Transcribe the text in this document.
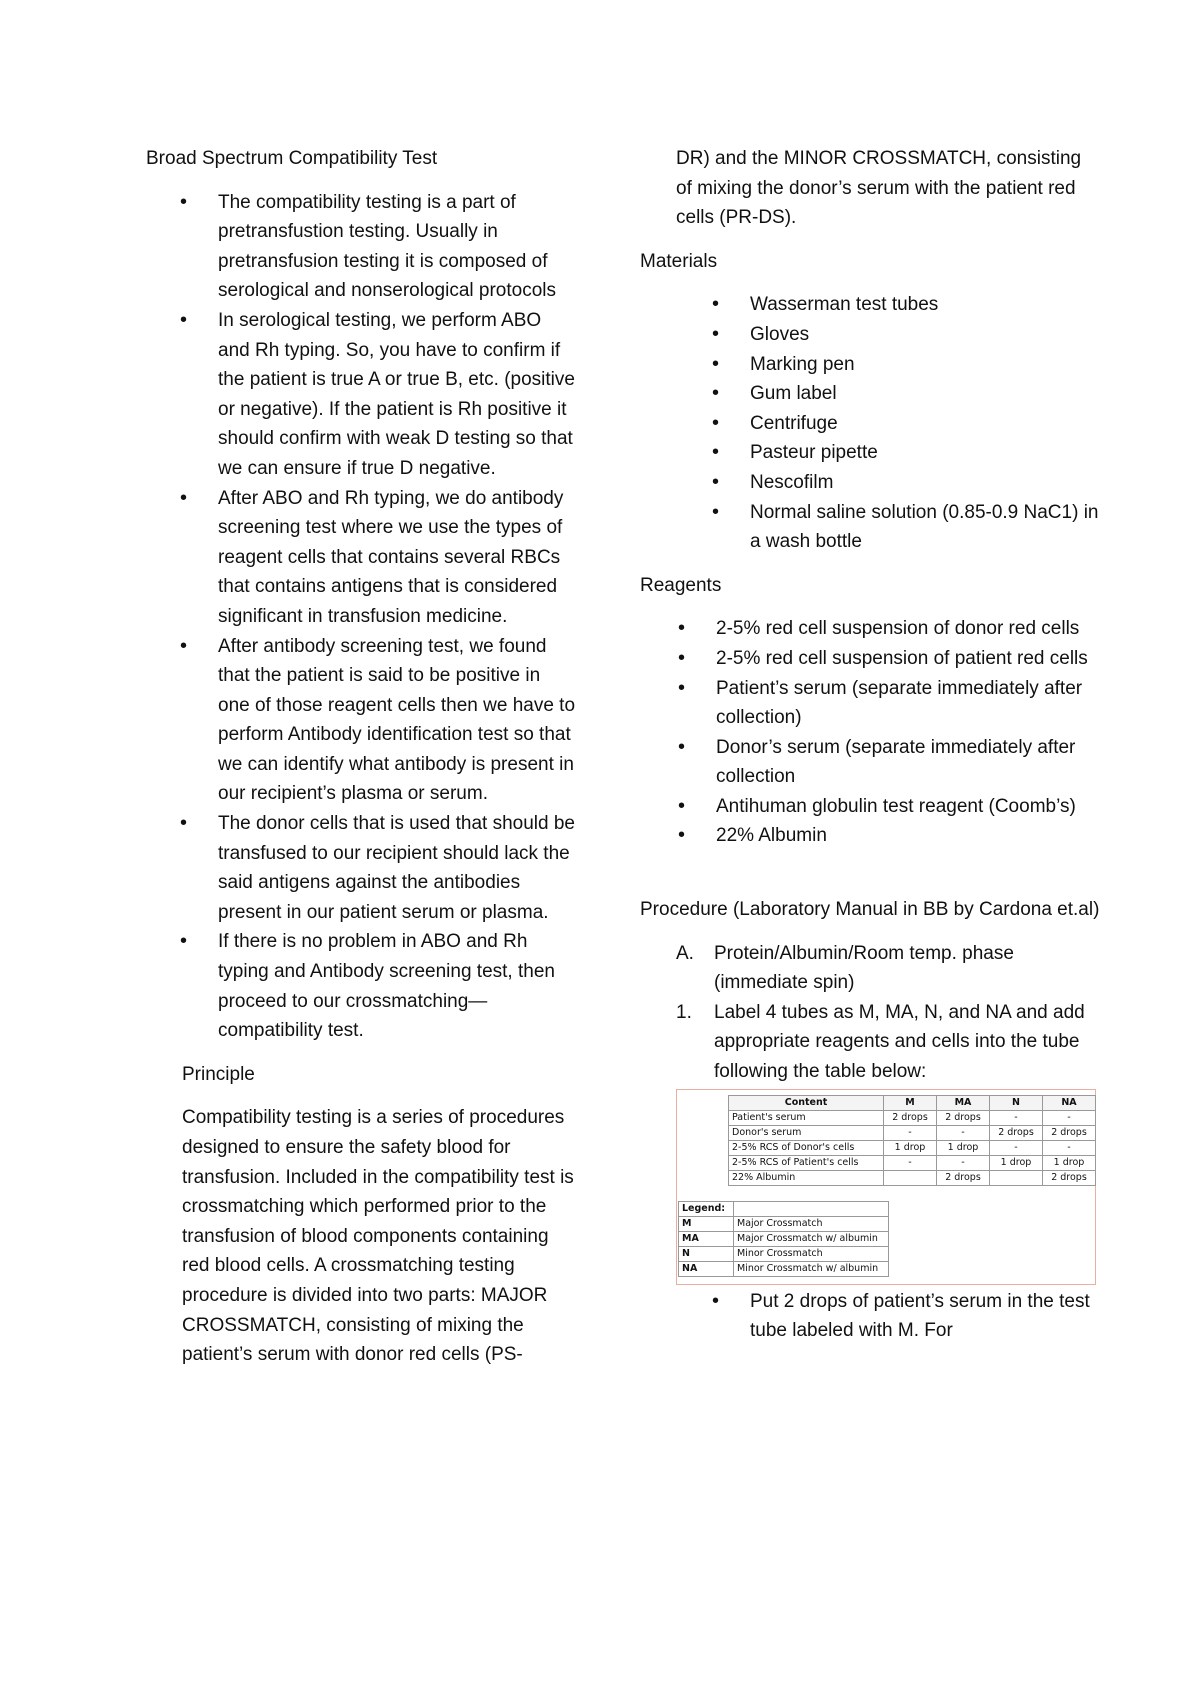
Broad Spectrum Compatibility Test

• The compatibility testing is a part of pretransfustion testing. Usually in pretransfusion testing it is composed of serological and nonserological protocols
• In serological testing, we perform ABO and Rh typing. So, you have to confirm if the patient is true A or true B, etc. (positive or negative). If the patient is Rh positive it should confirm with weak D testing so that we can ensure if true D negative.
• After ABO and Rh typing, we do antibody screening test where we use the types of reagent cells that contains several RBCs that contains antigens that is considered significant in transfusion medicine.
• After antibody screening test, we found that the patient is said to be positive in one of those reagent cells then we have to perform Antibody identification test so that we can identify what antibody is present in our recipient’s plasma or serum.
• The donor cells that is used that should be transfused to our recipient should lack the said antigens against the antibodies present in our patient serum or plasma.
• If there is no problem in ABO and Rh typing and Antibody screening test, then proceed to our crossmatching—compatibility test.

Principle

Compatibility testing is a series of procedures designed to ensure the safety blood for transfusion. Included in the compatibility test is crossmatching which performed prior to the transfusion of blood components containing red blood cells. A crossmatching testing procedure is divided into two parts: MAJOR CROSSMATCH, consisting of mixing the patient’s serum with donor red cells (PS-

DR) and the MINOR CROSSMATCH, consisting of mixing the donor’s serum with the patient red cells (PR-DS).

Materials

• Wasserman test tubes
• Gloves
• Marking pen
• Gum label
• Centrifuge
• Pasteur pipette
• Nescofilm
• Normal saline solution (0.85-0.9 NaC1) in a wash bottle

Reagents

• 2-5% red cell suspension of donor red cells
• 2-5% red cell suspension of patient red cells
• Patient’s serum (separate immediately after collection)
• Donor’s serum (separate immediately after collection
• Antihuman globulin test reagent (Coomb’s)
• 22% Albumin

Procedure (Laboratory Manual in BB by Cardona et.al)

A. Protein/Albumin/Room temp. phase (immediate spin)
1. Label 4 tubes as M, MA, N, and NA and add appropriate reagents and cells into the tube following the table below:
Content	M	MA	N	NA
Patient's serum	2 drops	2 drops	-	-
Donor's serum	-	-	2 drops	2 drops
2-5% RCS of Donor's cells	1 drop	1 drop	-	-
2-5% RCS of Patient's cells	-	-	1 drop	1 drop
22% Albumin		2 drops		2 drops
Legend:	
M	Major Crossmatch
MA	Major Crossmatch w/ albumin
N	Minor Crossmatch
NA	Minor Crossmatch w/ albumin
• Put 2 drops of patient’s serum in the test tube labeled with M. For
